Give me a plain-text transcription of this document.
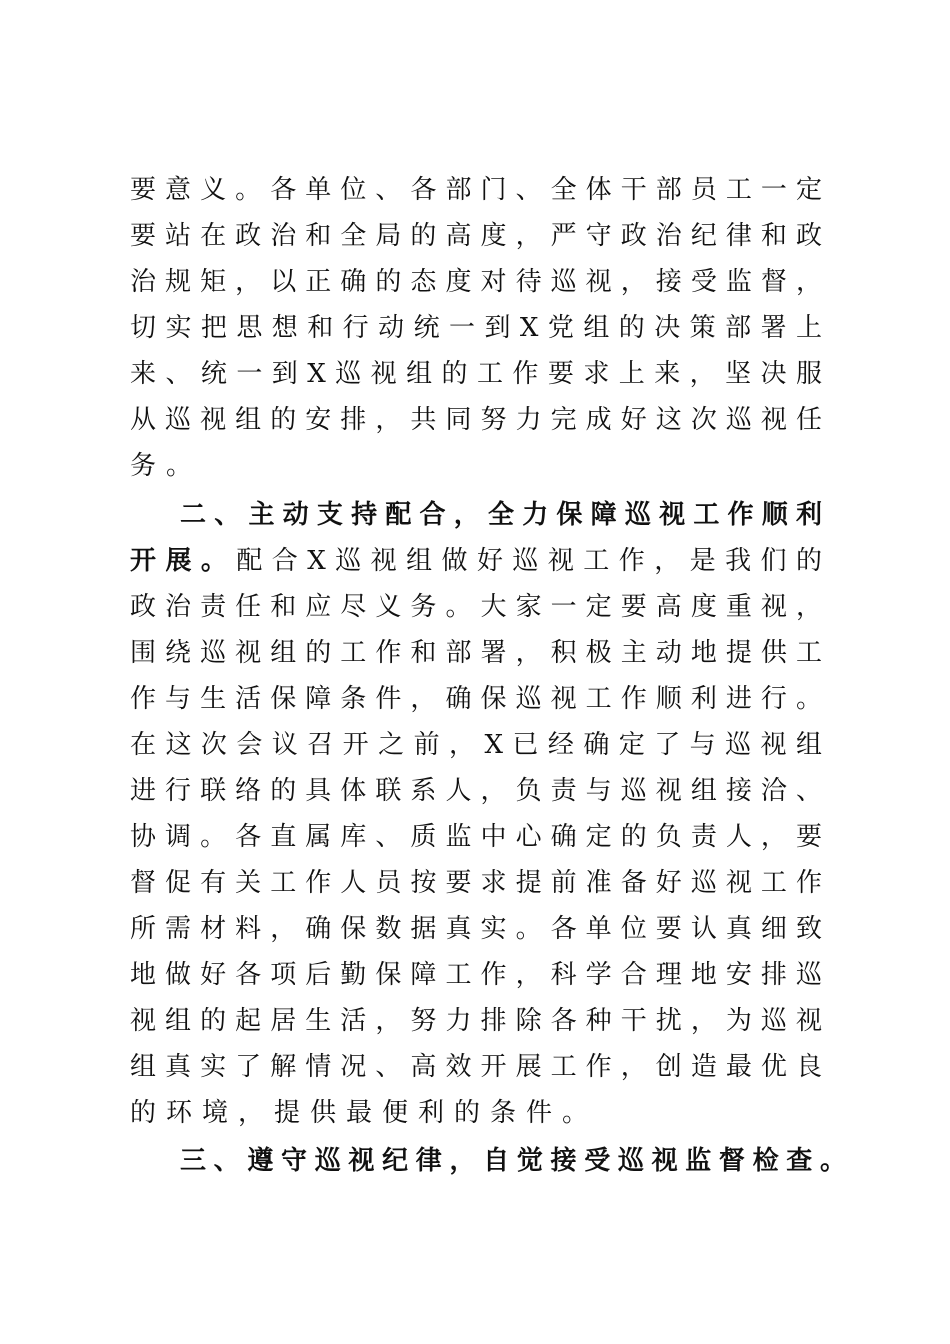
要意义。各单位、各部门、全体干部员工一定
要站在政治和全局的高度，严守政治纪律和政
治规矩，以正确的态度对待巡视，接受监督，
切实把思想和行动统一到X党组的决策部署上
来、统一到X巡视组的工作要求上来，坚决服
从巡视组的安排，共同努力完成好这次巡视任
务。
二、主动支持配合，全力保障巡视工作顺利
开展。配合X巡视组做好巡视工作，是我们的
政治责任和应尽义务。大家一定要高度重视，
围绕巡视组的工作和部署，积极主动地提供工
作与生活保障条件，确保巡视工作顺利进行。
在这次会议召开之前，X已经确定了与巡视组
进行联络的具体联系人，负责与巡视组接洽、
协调。各直属库、质监中心确定的负责人，要
督促有关工作人员按要求提前准备好巡视工作
所需材料，确保数据真实。各单位要认真细致
地做好各项后勤保障工作，科学合理地安排巡
视组的起居生活，努力排除各种干扰，为巡视
组真实了解情况、高效开展工作，创造最优良
的环境，提供最便利的条件。
三、遵守巡视纪律，自觉接受巡视监督检查。
